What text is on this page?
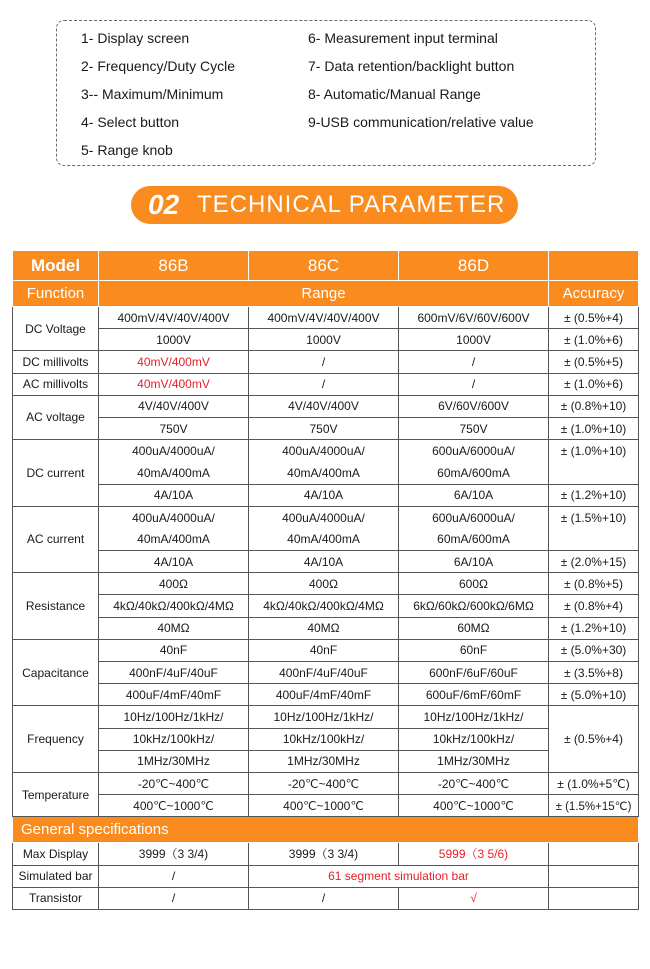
1- Display screen
2- Frequency/Duty Cycle
3-- Maximum/Minimum
4- Select button
5- Range knob
6- Measurement input terminal
7- Data retention/backlight button
8- Automatic/Manual Range
9-USB communication/relative value
02 TECHNICAL PARAMETER
Model	86B	86C	86D	
Function	Range			Accuracy
DC Voltage	400mV/4V/40V/400V	400mV/4V/40V/400V	600mV/6V/60V/600V	± (0.5%+4)
	1000V	1000V	1000V	± (1.0%+6)
DC millivolts	40mV/400mV	/	/	± (0.5%+5)
AC millivolts	40mV/400mV	/	/	± (1.0%+6)
AC voltage	4V/40V/400V	4V/40V/400V	6V/60V/600V	± (0.8%+10)
	750V	750V	750V	± (1.0%+10)
DC current	400uA/4000uA/	400uA/4000uA/	600uA/6000uA/	± (1.0%+10)
	40mA/400mA	40mA/400mA	60mA/600mA	
	4A/10A	4A/10A	6A/10A	± (1.2%+10)
AC current	400uA/4000uA/	400uA/4000uA/	600uA/6000uA/	± (1.5%+10)
	40mA/400mA	40mA/400mA	60mA/600mA	
	4A/10A	4A/10A	6A/10A	± (2.0%+15)
Resistance	400Ω	400Ω	600Ω	± (0.8%+5)
	4kΩ/40kΩ/400kΩ/4MΩ	4kΩ/40kΩ/400kΩ/4MΩ	6kΩ/60kΩ/600kΩ/6MΩ	± (0.8%+4)
	40MΩ	40MΩ	60MΩ	± (1.2%+10)
Capacitance	40nF	40nF	60nF	± (5.0%+30)
	400nF/4uF/40uF	400nF/4uF/40uF	600nF/6uF/60uF	± (3.5%+8)
	400uF/4mF/40mF	400uF/4mF/40mF	600uF/6mF/60mF	± (5.0%+10)
Frequency	10Hz/100Hz/1kHz/	10Hz/100Hz/1kHz/	10Hz/100Hz/1kHz/	± (0.5%+4)
	10kHz/100kHz/	10kHz/100kHz/	10kHz/100kHz/	
	1MHz/30MHz	1MHz/30MHz	1MHz/30MHz	
Temperature	-20℃~400℃	-20℃~400℃	-20℃~400℃	± (1.0%+5℃)
	400℃~1000℃	400℃~1000℃	400℃~1000℃	± (1.5%+15℃)
General specifications				
Max Display	3999（3 3/4)	3999（3 3/4)	5999（3 5/6)	
Simulated bar	/	61 segment simulation bar		
Transistor	/	/	√	
